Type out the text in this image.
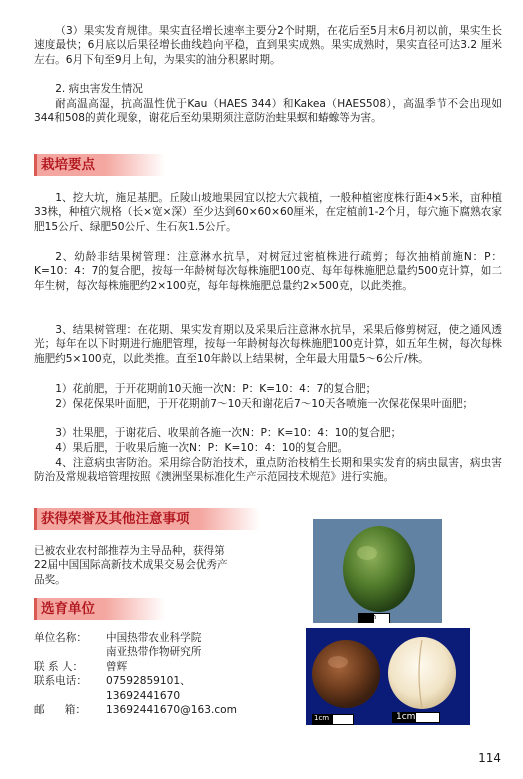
（3）果实发育规律。果实直径增长速率主要分2个时期，在花后至5月末6月初以前，果实生长速度最快；6月底以后果径增长曲线趋向平稳，直到果实成熟。果实成熟时，果实直径可达3.2 厘米左右。6月下旬至9月上旬，为果实的油分积累时期。

2. 病虫害发生情况

耐高温高湿，抗高温性优于Kau（HAES 344）和Kakea（HAES508），高温季节不会出现如344和508的黄化现象，谢花后至幼果期须注意防治蛀果螟和蝽蟓等为害。

栽培要点

1、挖大坑，施足基肥。丘陵山坡地果园宜以挖大穴栽植，一般种植密度株行距4×5米，亩种植33株，种植穴规格（长×宽×深）至少达到60×60×60厘米，在定植前1-2个月，每穴施下腐熟农家肥15公斤、绿肥50公斤、生石灰1.5公斤。

2、幼龄非结果树管理：注意淋水抗旱，对树冠过密植株进行疏剪；每次抽梢前施N：P：K=10：4：7的复合肥，按每一年龄树每次每株施肥100克、每年每株施肥总量约500克计算，如二年生树，每次每株施肥约2×100克，每年每株施肥总量约2×500克，以此类推。

3、结果树管理：在花期、果实发育期以及采果后注意淋水抗旱，采果后修剪树冠，使之通风透光；每年在以下时期进行施肥管理，按每一年龄树每次每株施肥100克计算，如五年生树，每次每株施肥约5×100克，以此类推。直至10年龄以上结果树，全年最大用量5～6公斤/株。

1）花前肥，于开花期前10天施一次N：P：K=10：4：7的复合肥；

2）保花保果叶面肥，于开花期前7～10天和谢花后7～10天各喷施一次保花保果叶面肥；

3）壮果肥，于谢花后、收果前各施一次N：P：K=10：4：10的复合肥；

4）果后肥，于收果后施一次N：P：K=10：4：10的复合肥。

4、注意病虫害防治。采用综合防治技术，重点防治枝梢生长期和果实发育的病虫鼠害，病虫害防治及常规栽培管理按照《澳洲坚果标准化生产示范园技术规范》进行实施。

获得荣誉及其他注意事项

已被农业农村部推荐为主导品种，获得第22届中国国际高新技术成果交易会优秀产品奖。

选育单位
单位名称：	中国热带农业科学院
南亚热带作物研究所
联 系 人：	曾辉
联系电话：	07592859101、
13692441670
邮      箱：	13692441670@163.com
1cm
1cm	1cm
114
